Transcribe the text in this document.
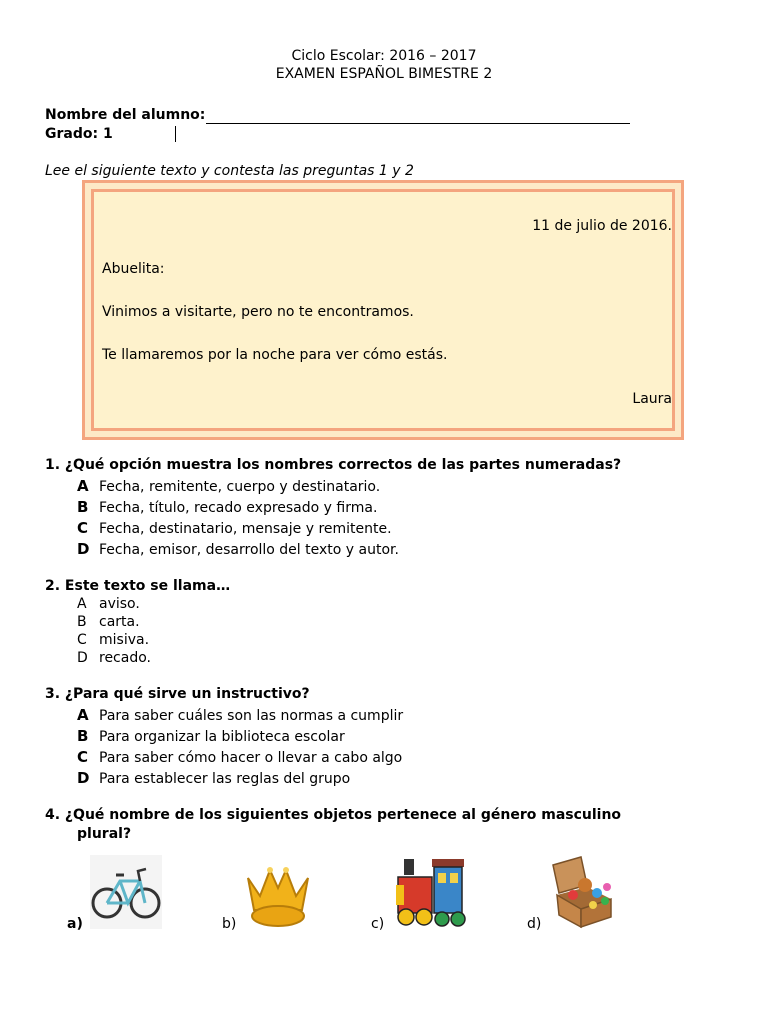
Ciclo Escolar: 2016 – 2017
EXAMEN ESPAÑOL BIMESTRE 2
Nombre del alumno:
Grado: 1
Lee el siguiente texto y contesta las preguntas 1 y 2
11 de julio de 2016.
Abuelita:
Vinimos a visitarte, pero no te encontramos.
Te llamaremos por la noche para ver cómo estás.
Laura
1. ¿Qué opción muestra los nombres correctos de las partes numeradas?
A Fecha, remitente, cuerpo y destinatario.
B Fecha, título, recado expresado y firma.
C Fecha, destinatario, mensaje y remitente.
D Fecha, emisor, desarrollo del texto y autor.
2. Este texto se llama…
A aviso.
B carta.
C misiva.
D recado.
3. ¿Para qué sirve un instructivo?
A Para saber cuáles son las normas a cumplir
B Para organizar la biblioteca escolar
C Para saber cómo hacer o llevar a cabo algo
D Para establecer las reglas del grupo
4. ¿Qué nombre de los siguientes objetos pertenece al género masculino
plural?
a)	b)	c)	d)
